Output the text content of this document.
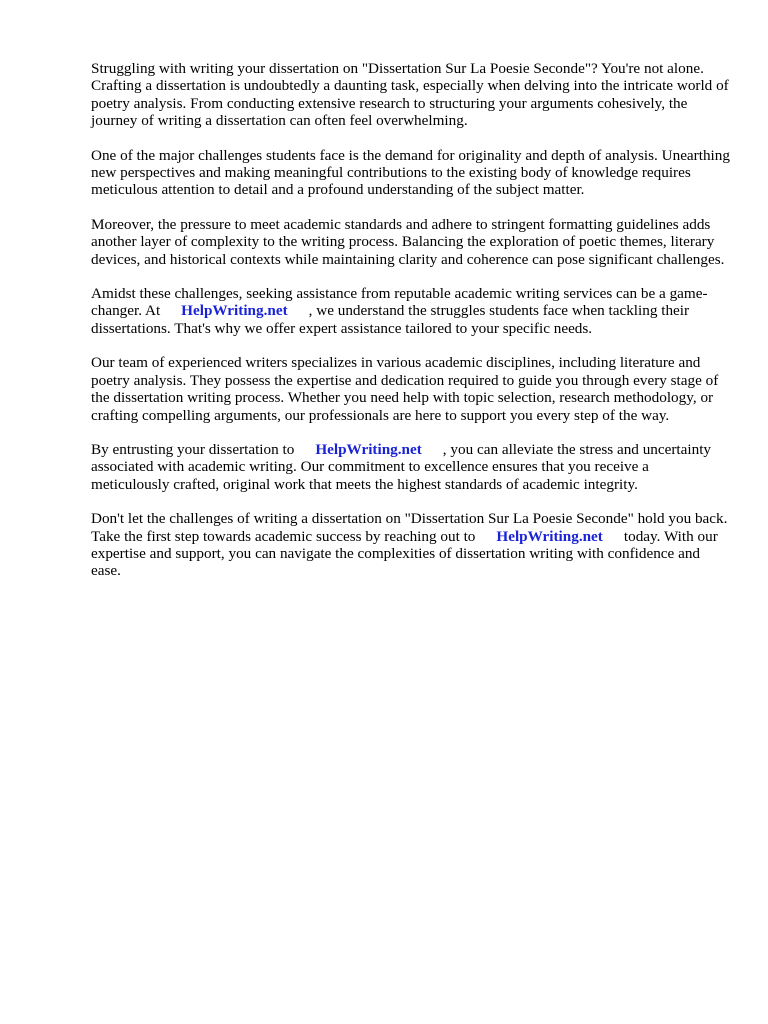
Struggling with writing your dissertation on "Dissertation Sur La Poesie Seconde"? You're not alone. Crafting a dissertation is undoubtedly a daunting task, especially when delving into the intricate world of poetry analysis. From conducting extensive research to structuring your arguments cohesively, the journey of writing a dissertation can often feel overwhelming.

One of the major challenges students face is the demand for originality and depth of analysis. Unearthing new perspectives and making meaningful contributions to the existing body of knowledge requires meticulous attention to detail and a profound understanding of the subject matter.

Moreover, the pressure to meet academic standards and adhere to stringent formatting guidelines adds another layer of complexity to the writing process. Balancing the exploration of poetic themes, literary devices, and historical contexts while maintaining clarity and coherence can pose significant challenges.

Amidst these challenges, seeking assistance from reputable academic writing services can be a game-changer. At HelpWriting.net , we understand the struggles students face when tackling their dissertations. That's why we offer expert assistance tailored to your specific needs.

Our team of experienced writers specializes in various academic disciplines, including literature and poetry analysis. They possess the expertise and dedication required to guide you through every stage of the dissertation writing process. Whether you need help with topic selection, research methodology, or crafting compelling arguments, our professionals are here to support you every step of the way.

By entrusting your dissertation to HelpWriting.net , you can alleviate the stress and uncertainty associated with academic writing. Our commitment to excellence ensures that you receive a meticulously crafted, original work that meets the highest standards of academic integrity.

Don't let the challenges of writing a dissertation on "Dissertation Sur La Poesie Seconde" hold you back. Take the first step towards academic success by reaching out to HelpWriting.net today. With our expertise and support, you can navigate the complexities of dissertation writing with confidence and ease.
